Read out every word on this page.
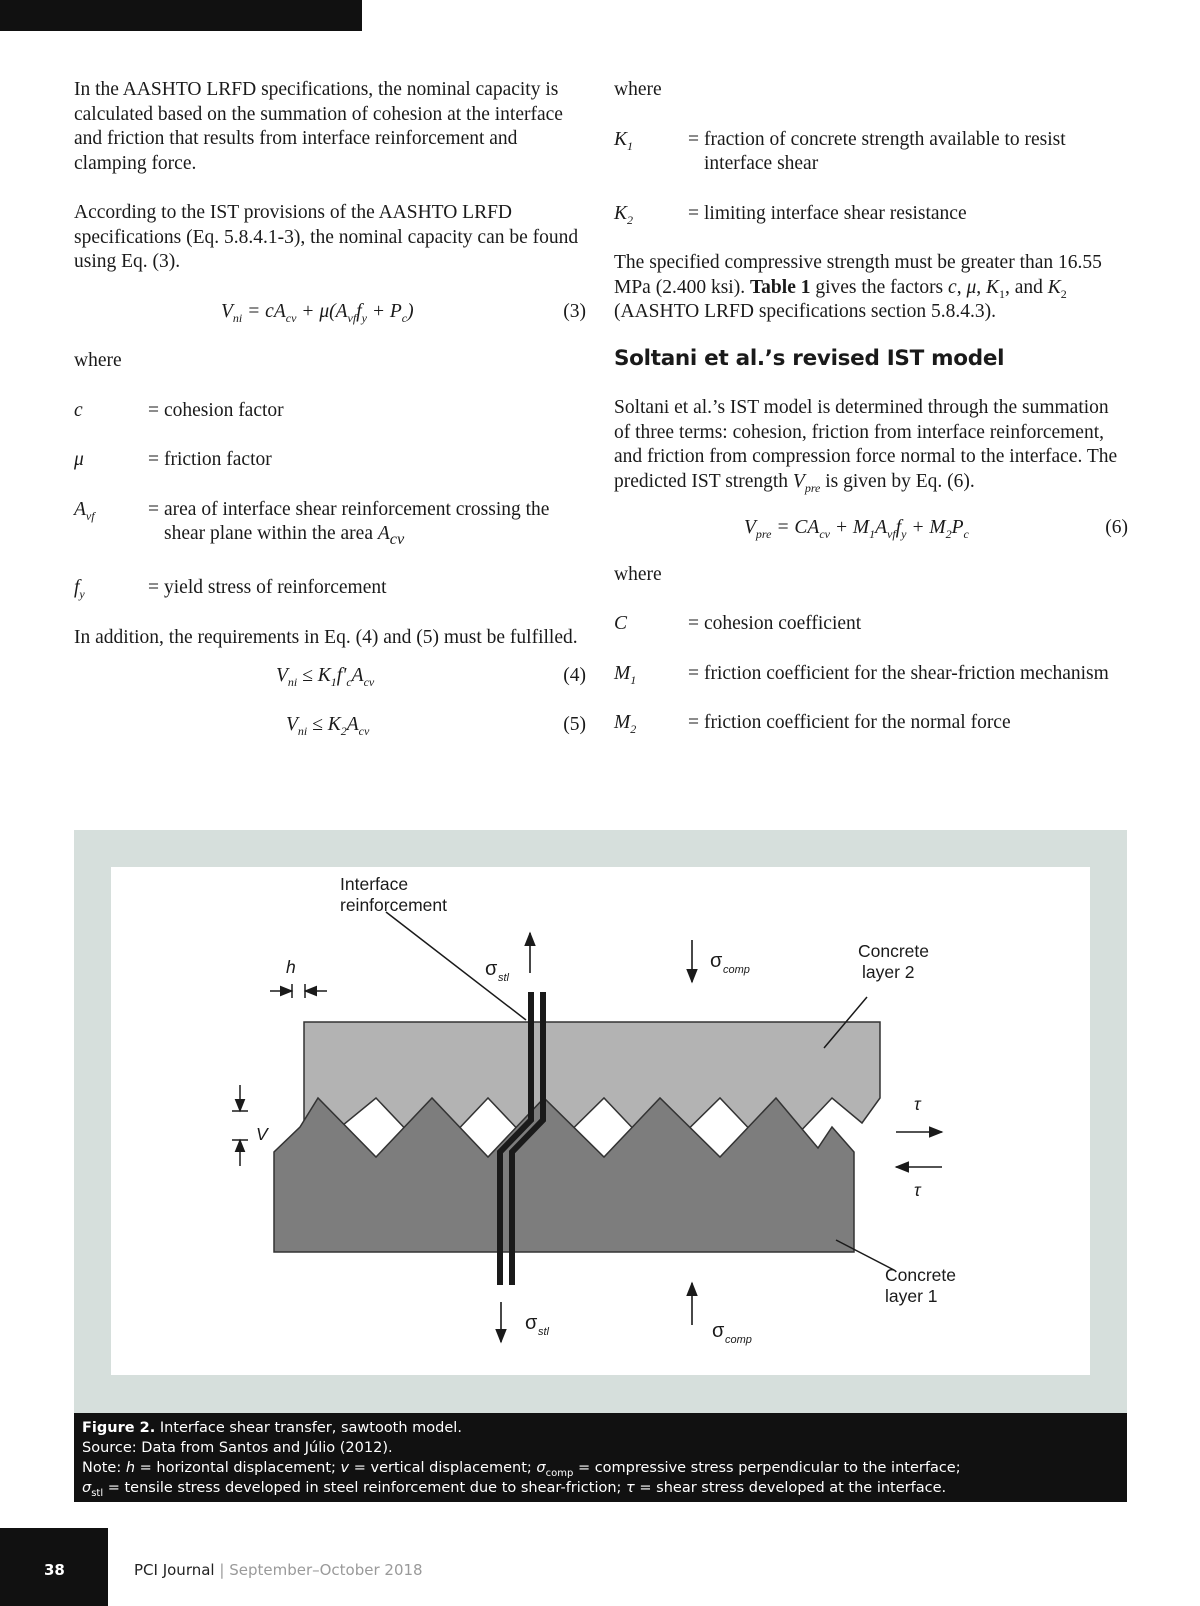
In the AASHTO LRFD specifications, the nominal capacity is calculated based on the summation of cohesion at the interface and friction that results from interface reinforcement and clamping force.

According to the IST provisions of the AASHTO LRFD specifications (Eq. 5.8.4.1-3), the nominal capacity can be found using Eq. (3).

$V_{ni} = cA_{cv} + \mu(A_{vf}f_y + P_c)$	(3)

where

c	= cohesion factor
μ	= friction factor
$A_{vf}$	= area of interface shear reinforcement crossing the shear plane within the area $A_{cv}$
$f_y$	= yield stress of reinforcement

In addition, the requirements in Eq. (4) and (5) must be fulfilled.

$V_{ni} \le K_1f'_cA_{cv}$	(4)
$V_{ni} \le K_2A_{cv}$	(5)

where

$K_1$	= fraction of concrete strength available to resist interface shear
$K_2$	= limiting interface shear resistance

The specified compressive strength must be greater than 16.55 MPa (2.400 ksi). Table 1 gives the factors c, μ, $K_1$, and $K_2$ (AASHTO LRFD specifications section 5.8.4.3).

Soltani et al.’s revised IST model

Soltani et al.’s IST model is determined through the summation of three terms: cohesion, friction from interface reinforcement, and friction from compression force normal to the interface. The predicted IST strength $V_{pre}$ is given by Eq. (6).

$V_{pre} = CA_{cv} + M_1A_{vf}f_y + M_2P_c$	(6)

where

C	= cohesion coefficient
$M_1$	= friction coefficient for the shear-friction mechanism
$M_2$	= friction coefficient for the normal force
Interface
reinforcement
h
V
σ stl
σ comp
Concrete
layer 2
τ
τ
Concrete
layer 1
σ stl	σ comp
Figure 2. Interface shear transfer, sawtooth model.
Source: Data from Santos and Júlio (2012).
Note: h = horizontal displacement; v = vertical displacement; $\sigma_{comp}$ = compressive stress perpendicular to the interface;
$\sigma_{stl}$ = tensile stress developed in steel reinforcement due to shear-friction; τ = shear stress developed at the interface.
38	PCI Journal | September–October 2018
